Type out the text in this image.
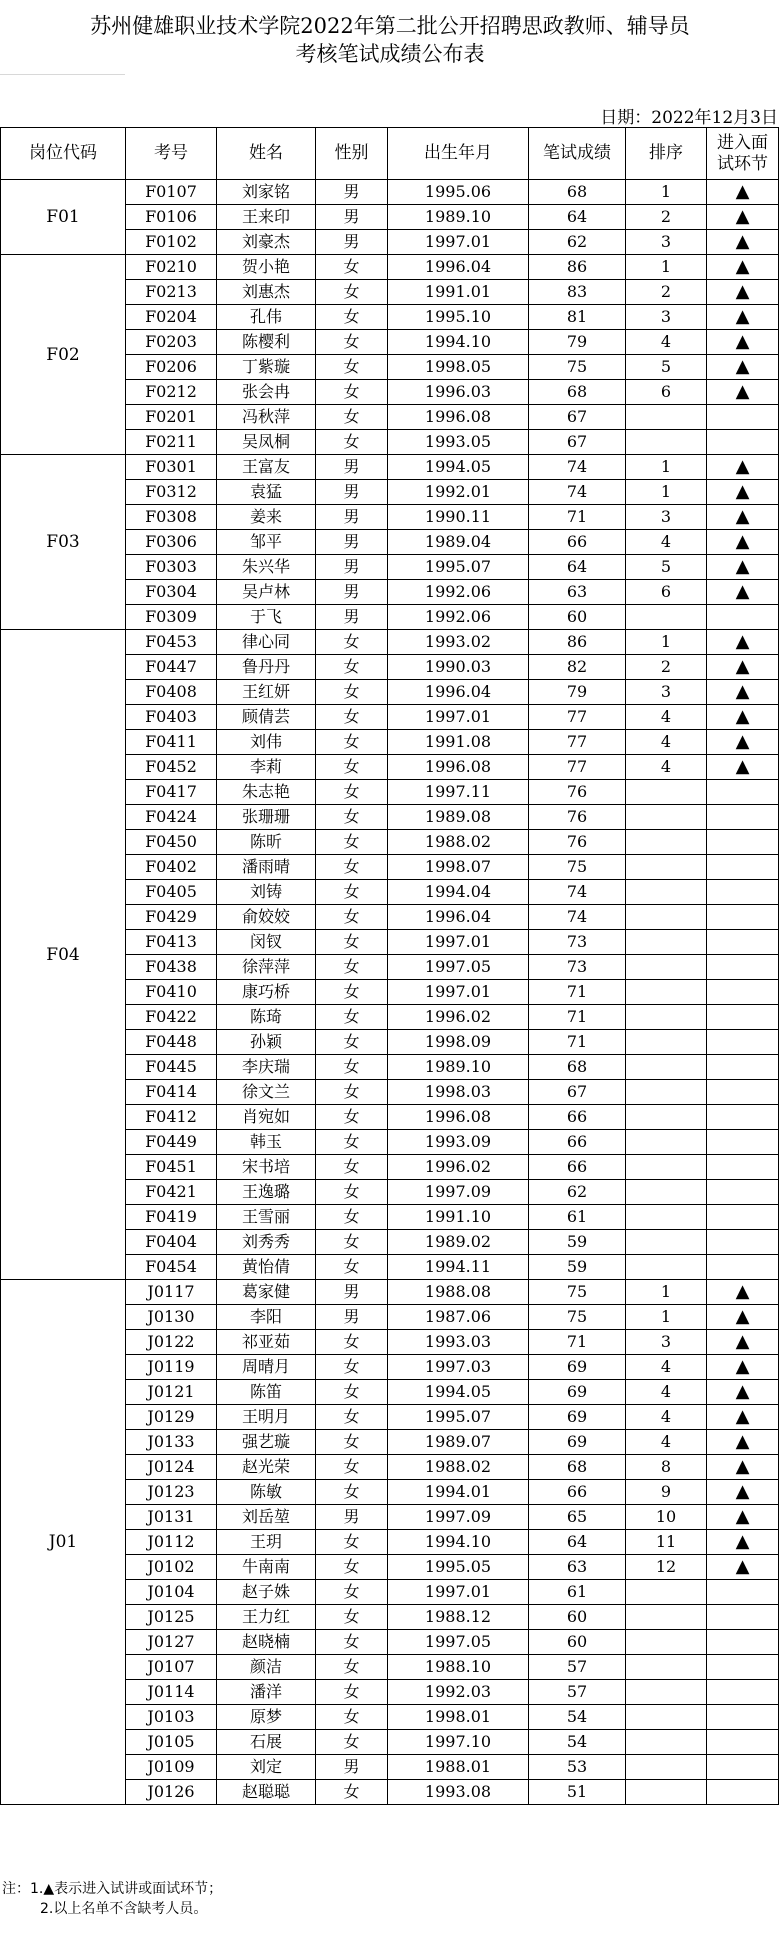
苏州健雄职业技术学院2022年第二批公开招聘思政教师、辅导员
考核笔试成绩公布表
日期：2022年12月3日
岗位代码	考号	姓名	性别	出生年月	笔试成绩	排序	进入面试环节
F01	F0107	刘家铭	男	1995.06	68	1	▲
	F0106	王来印	男	1989.10	64	2	▲
	F0102	刘豪杰	男	1997.01	62	3	▲
F02	F0210	贺小艳	女	1996.04	86	1	▲
	F0213	刘惠杰	女	1991.01	83	2	▲
	F0204	孔伟	女	1995.10	81	3	▲
	F0203	陈樱利	女	1994.10	79	4	▲
	F0206	丁紫璇	女	1998.05	75	5	▲
	F0212	张会冉	女	1996.03	68	6	▲
	F0201	冯秋萍	女	1996.08	67		
	F0211	吴凤桐	女	1993.05	67		
F03	F0301	王富友	男	1994.05	74	1	▲
	F0312	袁猛	男	1992.01	74	1	▲
	F0308	姜来	男	1990.11	71	3	▲
	F0306	邹平	男	1989.04	66	4	▲
	F0303	朱兴华	男	1995.07	64	5	▲
	F0304	吴卢林	男	1992.06	63	6	▲
	F0309	于飞	男	1992.06	60		
F04	F0453	律心同	女	1993.02	86	1	▲
	F0447	鲁丹丹	女	1990.03	82	2	▲
	F0408	王红妍	女	1996.04	79	3	▲
	F0403	顾倩芸	女	1997.01	77	4	▲
	F0411	刘伟	女	1991.08	77	4	▲
	F0452	李莉	女	1996.08	77	4	▲
	F0417	朱志艳	女	1997.11	76		
	F0424	张珊珊	女	1989.08	76		
	F0450	陈昕	女	1988.02	76		
	F0402	潘雨晴	女	1998.07	75		
	F0405	刘铸	女	1994.04	74		
	F0429	俞姣姣	女	1996.04	74		
	F0413	闵钗	女	1997.01	73		
	F0438	徐萍萍	女	1997.05	73		
	F0410	康巧桥	女	1997.01	71		
	F0422	陈琦	女	1996.02	71		
	F0448	孙颖	女	1998.09	71		
	F0445	李庆瑞	女	1989.10	68		
	F0414	徐文兰	女	1998.03	67		
	F0412	肖宛如	女	1996.08	66		
	F0449	韩玉	女	1993.09	66		
	F0451	宋书培	女	1996.02	66		
	F0421	王逸璐	女	1997.09	62		
	F0419	王雪丽	女	1991.10	61		
	F0404	刘秀秀	女	1989.02	59		
	F0454	黄怡倩	女	1994.11	59		
J01	J0117	葛家健	男	1988.08	75	1	▲
	J0130	李阳	男	1987.06	75	1	▲
	J0122	祁亚茹	女	1993.03	71	3	▲
	J0119	周晴月	女	1997.03	69	4	▲
	J0121	陈笛	女	1994.05	69	4	▲
	J0129	王明月	女	1995.07	69	4	▲
	J0133	强艺璇	女	1989.07	69	4	▲
	J0124	赵光荣	女	1988.02	68	8	▲
	J0123	陈敏	女	1994.01	66	9	▲
	J0131	刘岳堃	男	1997.09	65	10	▲
	J0112	王玥	女	1994.10	64	11	▲
	J0102	牛南南	女	1995.05	63	12	▲
	J0104	赵子姝	女	1997.01	61		
	J0125	王力红	女	1988.12	60		
	J0127	赵晓楠	女	1997.05	60		
	J0107	颜洁	女	1988.10	57		
	J0114	潘洋	女	1992.03	57		
	J0103	原梦	女	1998.01	54		
	J0105	石展	女	1997.10	54		
	J0109	刘定	男	1988.01	53		
	J0126	赵聪聪	女	1993.08	51		
注：1.▲表示进入试讲或面试环节；
2.以上名单不含缺考人员。
